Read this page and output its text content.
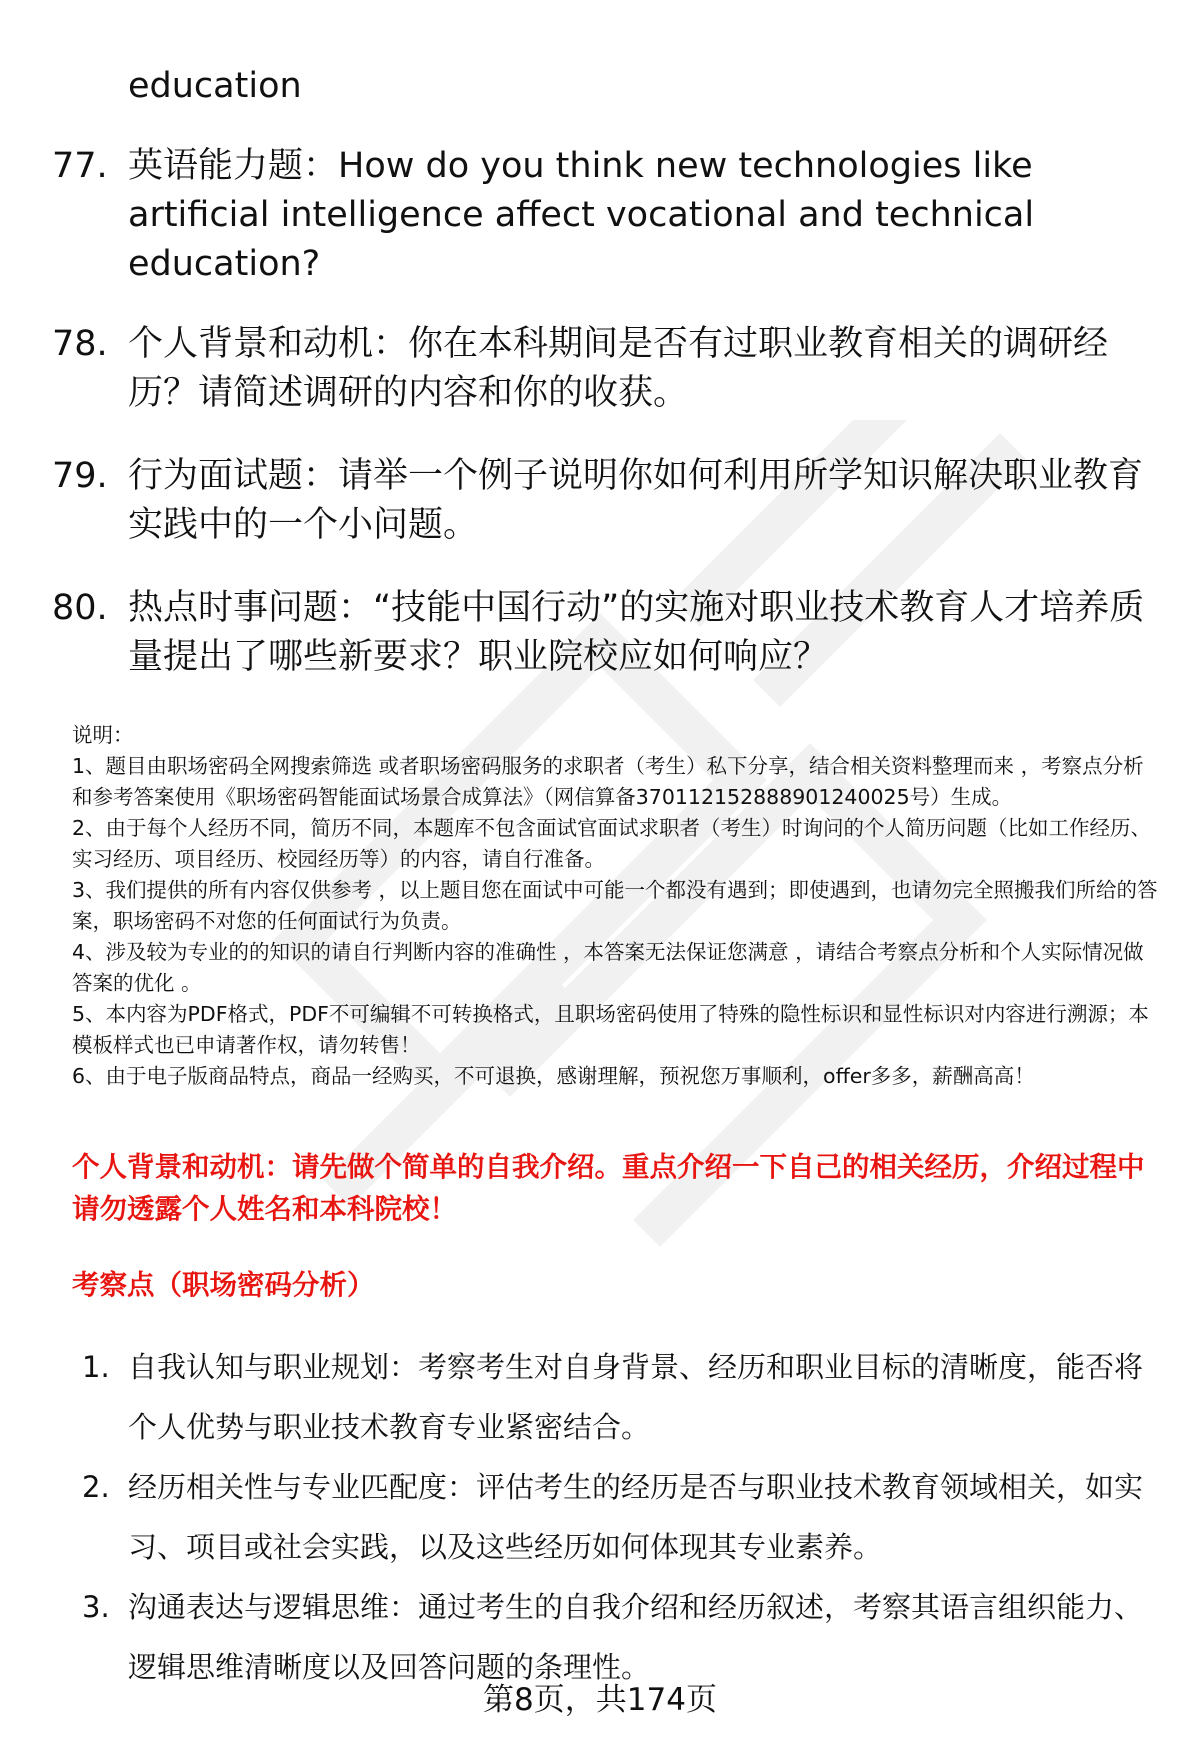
education
77. 英语能力题：How do you think new technologies like artificial intelligence affect vocational and technical education?
78. 个人背景和动机：你在本科期间是否有过职业教育相关的调研经历？请简述调研的内容和你的收获。
79. 行为面试题：请举一个例子说明你如何利用所学知识解决职业教育实践中的一个小问题。
80. 热点时事问题：“技能中国行动”的实施对职业技术教育人才培养质量提出了哪些新要求？职业院校应如何响应？

说明：

1、题目由职场密码全网搜索筛选 或者职场密码服务的求职者（考生）私下分享，结合相关资料整理而来 ，考察点分析和参考答案使用《职场密码智能面试场景合成算法》（网信算备370112152888901240025号）生成。

2、由于每个人经历不同，简历不同，本题库不包含面试官面试求职者（考生）时询问的个人简历问题（比如工作经历、实习经历、项目经历、校园经历等）的内容，请自行准备。

3、我们提供的所有内容仅供参考 ，以上题目您在面试中可能一个都没有遇到；即使遇到，也请勿完全照搬我们所给的答案，职场密码不对您的任何面试行为负责。

4、涉及较为专业的的知识的请自行判断内容的准确性 ，本答案无法保证您满意 ，请结合考察点分析和个人实际情况做答案的优化 。

5、本内容为PDF格式，PDF不可编辑不可转换格式，且职场密码使用了特殊的隐性标识和显性标识对内容进行溯源；本模板样式也已申请著作权，请勿转售！

6、由于电子版商品特点，商品一经购买，不可退换，感谢理解，预祝您万事顺利，offer多多，薪酬高高！

个人背景和动机：请先做个简单的自我介绍。重点介绍一下自己的相关经历，介绍过程中请勿透露个人姓名和本科院校！
考察点（职场密码分析）
1. 自我认知与职业规划：考察考生对自身背景、经历和职业目标的清晰度，能否将个人优势与职业技术教育专业紧密结合。
2. 经历相关性与专业匹配度：评估考生的经历是否与职业技术教育领域相关，如实习、项目或社会实践，以及这些经历如何体现其专业素养。
3. 沟通表达与逻辑思维：通过考生的自我介绍和经历叙述，考察其语言组织能力、逻辑思维清晰度以及回答问题的条理性。
第8页，共174页
